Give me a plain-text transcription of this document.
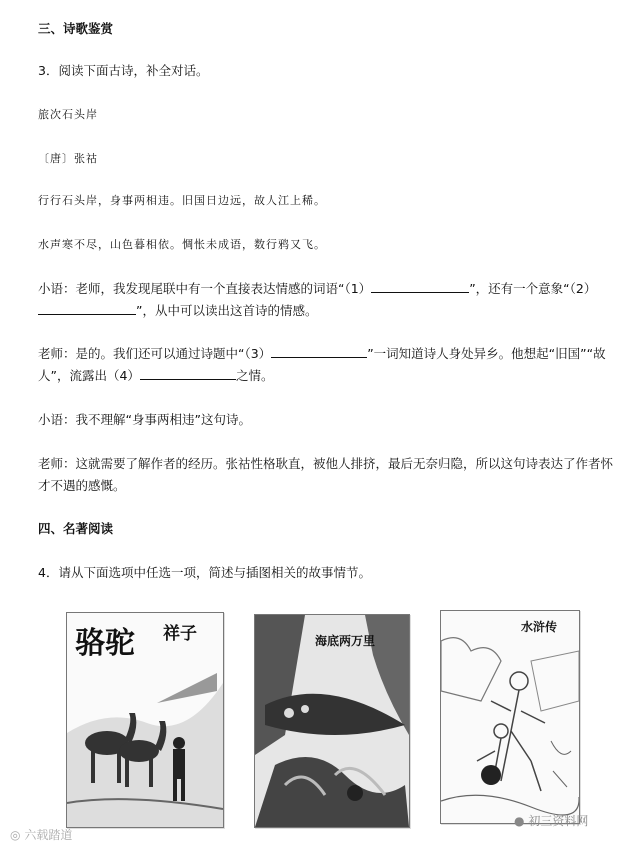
三、诗歌鉴赏
3．阅读下面古诗，补全对话。
旅次石头岸
〔唐〕张祜
行行石头岸，身事两相违。旧国日边远，故人江上稀。
水声寒不尽，山色暮相依。惆怅未成语，数行鸦又飞。
小语：老师，我发现尾联中有一个直接表达情感的词语“（1）	”，还有一个意象“（2）
”，从中可以读出这首诗的情感。
老师：是的。我们还可以通过诗题中“（3）	”一词知道诗人身处异乡。他想起“旧国”“故
人”，流露出（4）	之情。
小语：我不理解“身事两相违”这句诗。
老师：这就需要了解作者的经历。张祜性格耿直，被他人排挤，最后无奈归隐，所以这句诗表达了作者怀
才不遇的感慨。
四、名著阅读
4．请从下面选项中任选一项，简述与插图相关的故事情节。
骆驼 祥子	海底两万里
水浒传
◎ 六载踏道
● 初三资料网
